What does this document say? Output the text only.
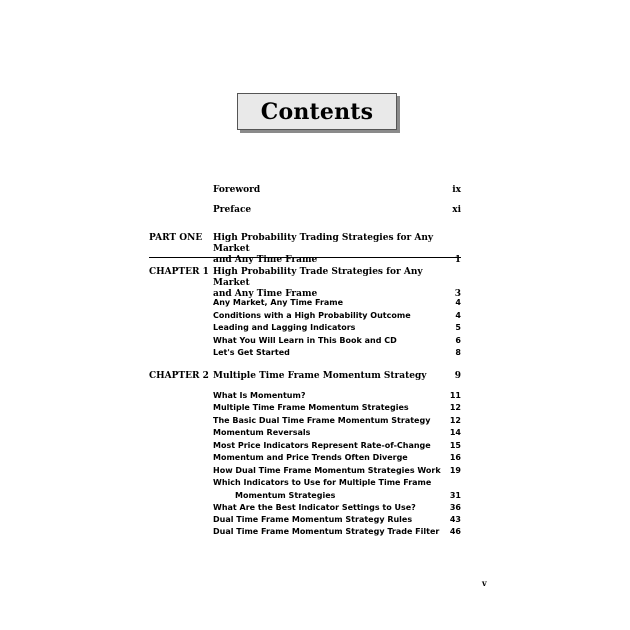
Contents
Foreword	ix
Preface	xi
PART ONE High Probability Trading Strategies for Any Market
and Any Time Frame	1
CHAPTER 1 High Probability Trade Strategies for Any Market
and Any Time Frame	3
Any Market, Any Time Frame	4
Conditions with a High Probability Outcome	4
Leading and Lagging Indicators	5
What You Will Learn in This Book and CD	6
Let's Get Started	8
CHAPTER 2 Multiple Time Frame Momentum Strategy	9
What Is Momentum?	11
Multiple Time Frame Momentum Strategies	12
The Basic Dual Time Frame Momentum Strategy 12
Momentum Reversals	14
Most Price Indicators Represent Rate-of-Change 15
Momentum and Price Trends Often Diverge	16
How Dual Time Frame Momentum Strategies Work 19
Which Indicators to Use for Multiple Time Frame
Momentum Strategies	31
What Are the Best Indicator Settings to Use?	36
Dual Time Frame Momentum Strategy Rules	43
Dual Time Frame Momentum Strategy Trade Filter 46
v
